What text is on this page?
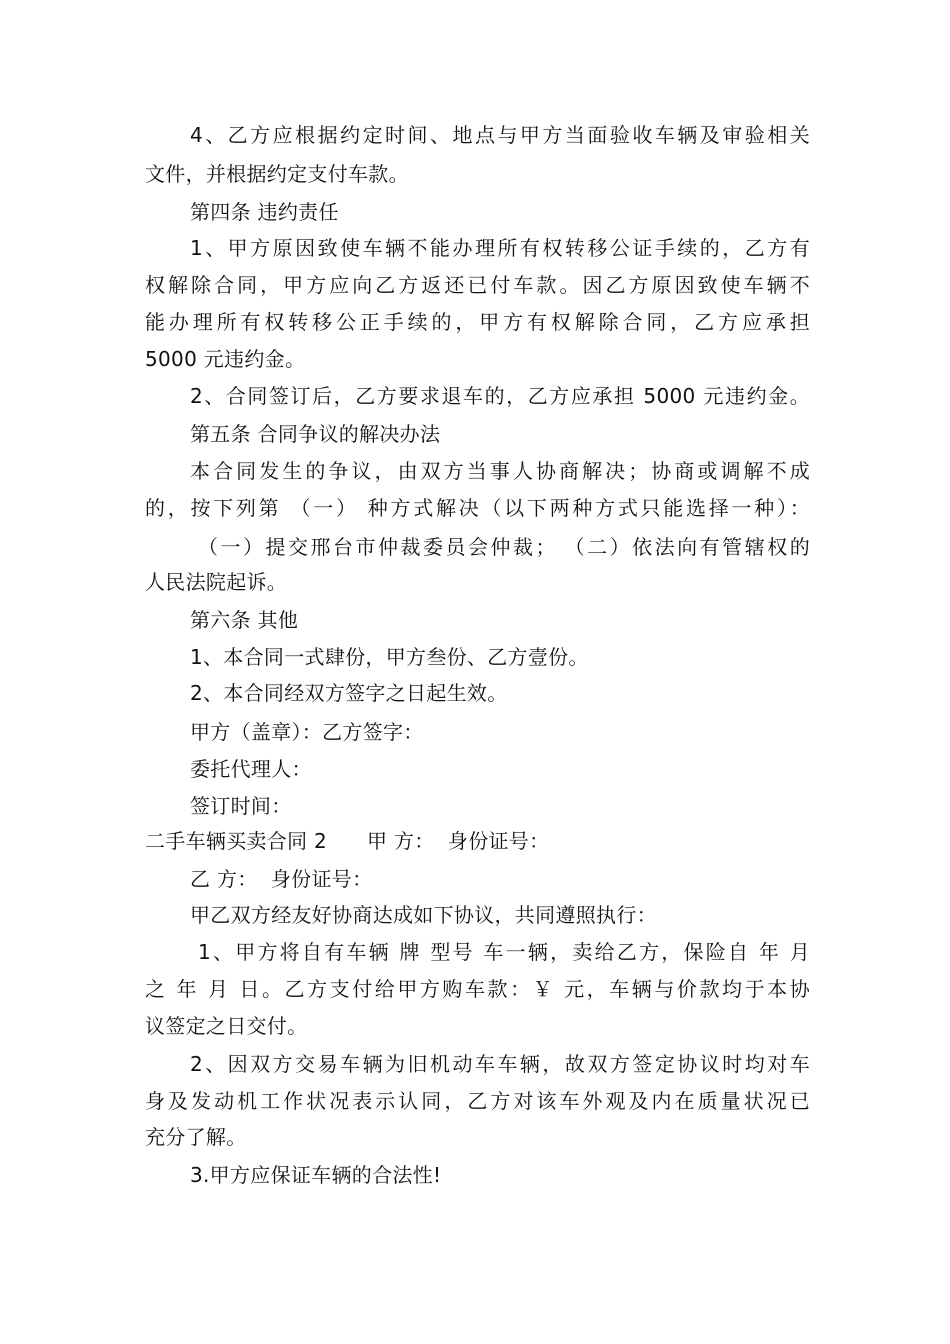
4、乙方应根据约定时间、地点与甲方当面验收车辆及审验相关
文件，并根据约定支付车款。
第四条 违约责任
1、甲方原因致使车辆不能办理所有权转移公证手续的，乙方有
权解除合同，甲方应向乙方返还已付车款。因乙方原因致使车辆不
能办理所有权转移公正手续的，甲方有权解除合同，乙方应承担
5000 元违约金。
2、合同签订后，乙方要求退车的，乙方应承担 5000 元违约金。
第五条 合同争议的解决办法
本合同发生的争议，由双方当事人协商解决；协商或调解不成
的，按下列第 （一） 种方式解决（以下两种方式只能选择一种）：
（一）提交邢台市仲裁委员会仲裁； （二）依法向有管辖权的
人民法院起诉。
第六条 其他
1、本合同一式肆份，甲方叁份、乙方壹份。
2、本合同经双方签字之日起生效。
甲方（盖章）：乙方签字：
委托代理人：
签订时间：
二手车辆买卖合同 2      甲 方：  身份证号：
乙 方：  身份证号：
甲乙双方经友好协商达成如下协议，共同遵照执行：
1、甲方将自有车辆 牌 型号 车一辆，卖给乙方，保险自 年 月
之 年 月 日。乙方支付给甲方购车款：￥ 元，车辆与价款均于本协
议签定之日交付。
2、因双方交易车辆为旧机动车车辆，故双方签定协议时均对车
身及发动机工作状况表示认同，乙方对该车外观及内在质量状况已
充分了解。
3.甲方应保证车辆的合法性!
